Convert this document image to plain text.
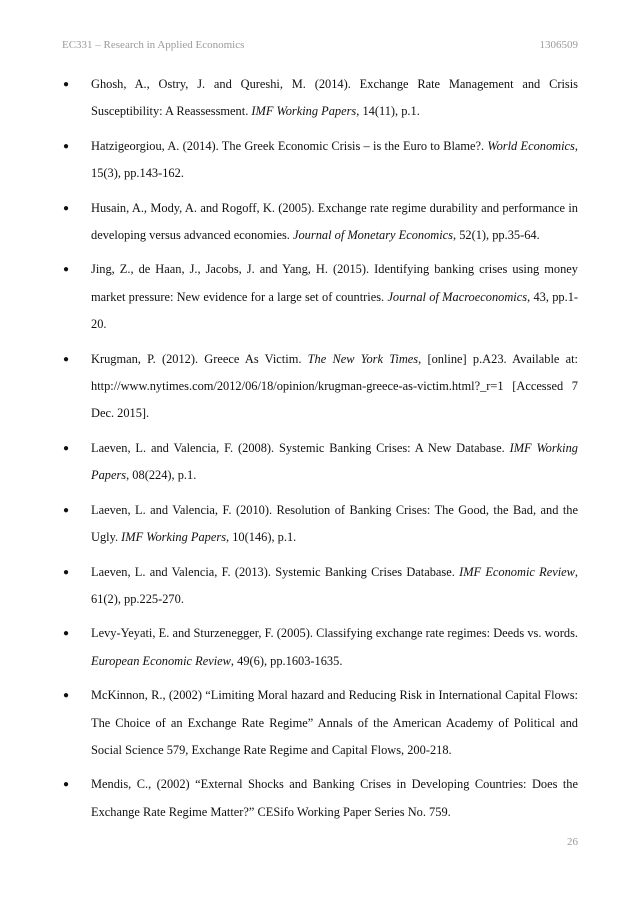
EC331 – Research in Applied Economics	1306509
● Ghosh, A., Ostry, J. and Qureshi, M. (2014). Exchange Rate Management and Crisis Susceptibility: A Reassessment. IMF Working Papers, 14(11), p.1.
● Hatzigeorgiou, A. (2014). The Greek Economic Crisis – is the Euro to Blame?. World Economics, 15(3), pp.143-162.
● Husain, A., Mody, A. and Rogoff, K. (2005). Exchange rate regime durability and performance in developing versus advanced economies. Journal of Monetary Economics, 52(1), pp.35-64.
● Jing, Z., de Haan, J., Jacobs, J. and Yang, H. (2015). Identifying banking crises using money market pressure: New evidence for a large set of countries. Journal of Macroeconomics, 43, pp.1-20.
● Krugman, P. (2012). Greece As Victim. The New York Times, [online] p.A23. Available at: http://www.nytimes.com/2012/06/18/opinion/krugman-greece-as-victim.html?_r=1 [Accessed 7 Dec. 2015].
● Laeven, L. and Valencia, F. (2008). Systemic Banking Crises: A New Database. IMF Working Papers, 08(224), p.1.
● Laeven, L. and Valencia, F. (2010). Resolution of Banking Crises: The Good, the Bad, and the Ugly. IMF Working Papers, 10(146), p.1.
● Laeven, L. and Valencia, F. (2013). Systemic Banking Crises Database. IMF Economic Review, 61(2), pp.225-270.
● Levy-Yeyati, E. and Sturzenegger, F. (2005). Classifying exchange rate regimes: Deeds vs. words. European Economic Review, 49(6), pp.1603-1635.
● McKinnon, R., (2002) “Limiting Moral hazard and Reducing Risk in International Capital Flows: The Choice of an Exchange Rate Regime” Annals of the American Academy of Political and Social Science 579, Exchange Rate Regime and Capital Flows, 200-218.
● Mendis, C., (2002) “External Shocks and Banking Crises in Developing Countries: Does the Exchange Rate Regime Matter?” CESifo Working Paper Series No. 759.
26
